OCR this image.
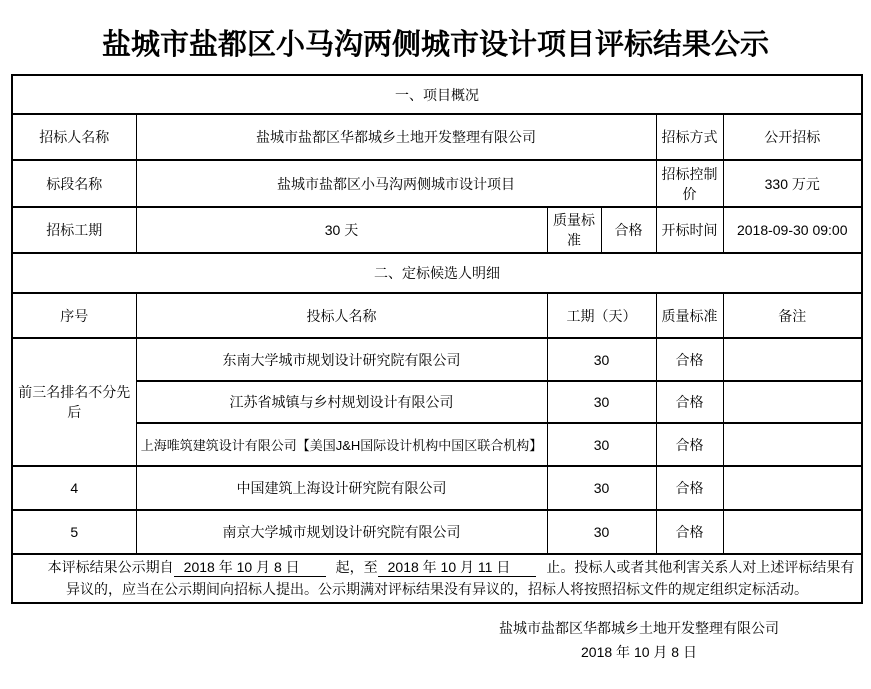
盐城市盐都区小马沟两侧城市设计项目评标结果公示
一、项目概况					
招标人名称	盐城市盐都区华都城乡土地开发整理有限公司			招标方式	公开招标
标段名称	盐城市盐都区小马沟两侧城市设计项目			招标控制价	330 万元
招标工期	30 天	质量标准	合格	开标时间	2018-09-30 09:00
二、定标候选人明细					
序号	投标人名称	工期（天）		质量标准	备注
前三名排名不分先后	东南大学城市规划设计研究院有限公司	30		合格	
	江苏省城镇与乡村规划设计有限公司	30		合格	
	上海唯筑建筑设计有限公司【美国J&H国际设计机构中国区联合机构】	30		合格	
4	中国建筑上海设计研究院有限公司	30		合格	
5	南京大学城市规划设计研究院有限公司	30		合格	

本评标结果公示期自 2018 年 10 月 8 日 起，至 2018 年 10 月 11 日 止。投标人或者其他利害关系人对上述评标结果有异议的，应当在公示期间向招标人提出。公示期满对评标结果没有异议的，招标人将按照招标文件的规定组织定标活动。					

盐城市盐都区华都城乡土地开发整理有限公司
2018 年 10 月 8 日
